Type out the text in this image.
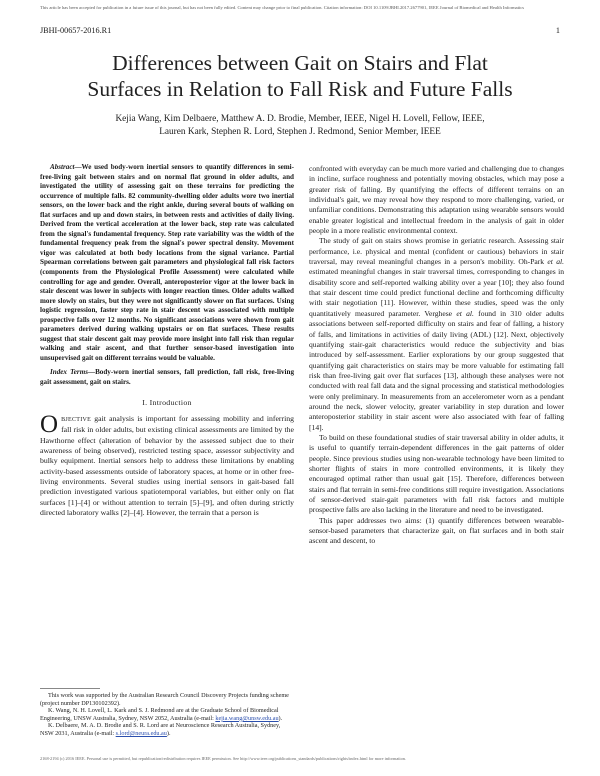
This article has been accepted for publication in a future issue of this journal, but has not been fully edited. Content may change prior to final publication. Citation information: DOI 10.1109/JBHI.2017.2677901, IEEE Journal of Biomedical and Health Informatics
JBHI-00657-2016.R1	1
Differences between Gait on Stairs and Flat
Surfaces in Relation to Fall Risk and Future Falls
Kejia Wang, Kim Delbaere, Matthew A. D. Brodie, Member, IEEE, Nigel H. Lovell, Fellow, IEEE,
Lauren Kark, Stephen R. Lord, Stephen J. Redmond, Senior Member, IEEE

Abstract—We used body-worn inertial sensors to quantify differences in semi-free-living gait between stairs and on normal flat ground in older adults, and investigated the utility of assessing gait on these terrains for predicting the occurrence of multiple falls. 82 community-dwelling older adults wore two inertial sensors, on the lower back and the right ankle, during several bouts of walking on flat surfaces and up and down stairs, in between rests and activities of daily living. Derived from the vertical acceleration at the lower back, step rate was calculated from the signal's fundamental frequency. Step rate variability was the width of the fundamental frequency peak from the signal's power spectral density. Movement vigor was calculated at both body locations from the signal variance. Partial Spearman correlations between gait parameters and physiological fall risk factors (components from the Physiological Profile Assessment) were calculated while controlling for age and gender. Overall, anteroposterior vigor at the lower back in stair descent was lower in subjects with longer reaction times. Older adults walked more slowly on stairs, but they were not significantly slower on flat surfaces. Using logistic regression, faster step rate in stair descent was associated with multiple prospective falls over 12 months. No significant associations were shown from gait parameters derived during walking upstairs or on flat surfaces. These results suggest that stair descent gait may provide more insight into fall risk than regular walking and stair ascent, and that further sensor-based investigation into unsupervised gait on different terrains would be valuable.

Index Terms—Body-worn inertial sensors, fall prediction, fall risk, free-living gait assessment, gait on stairs.

I. Introduction

OBJECTIVE gait analysis is important for assessing mobility and inferring fall risk in older adults, but existing clinical assessments are limited by the Hawthorne effect (alteration of behavior by the assessed subject due to their awareness of being observed), restricted testing space, assessor subjectivity and bulky equipment. Inertial sensors help to address these limitations by enabling activity-based assessments outside of laboratory spaces, at home or in other free-living environments. Several studies using inertial sensors in gait-based fall prediction investigated various spatiotemporal variables, but either only on flat surfaces [1]–[4] or without attention to terrain [5]–[9], and often during strictly directed laboratory walks [2]–[4]. However, the terrain that a person is

confronted with everyday can be much more varied and challenging due to changes in incline, surface roughness and potentially moving obstacles, which may pose a greater risk of falling. By quantifying the effects of different terrains on an individual's gait, we may reveal how they respond to more challenging, varied, or unfamiliar conditions. Demonstrating this adaptation using wearable sensors would enable greater logistical and intellectual freedom in the analysis of gait in older people in a more realistic environmental context.

The study of gait on stairs shows promise in geriatric research. Assessing stair performance, i.e. physical and mental (confident or cautious) behaviors in stair traversal, may reveal meaningful changes in a person's mobility. Oh-Park et al. estimated meaningful changes in stair traversal times, corresponding to changes in disability score and self-reported walking ability over a year [10]; they also found that stair descent time could predict functional decline and forthcoming difficulty with stair negotiation [11]. However, within these studies, speed was the only quantitatively measured parameter. Verghese et al. found in 310 older adults associations between self-reported difficulty on stairs and fear of falling, a history of falls, and limitations in activities of daily living (ADL) [12]. Next, objectively quantifying stair-gait characteristics would reduce the subjectivity and bias introduced by self-assessment. Earlier explorations by our group suggested that quantifying gait characteristics on stairs may be more valuable for estimating fall risk than free-living gait over flat surfaces [13], although these analyses were not conducted with real fall data and the signal processing and statistical methodologies were only preliminary. In measurements from an accelerometer worn as a pendant around the neck, slower velocity, greater variability in step duration and lower anteroposterior stability in stair ascent were also associated with fear of falling [14].

To build on these foundational studies of stair traversal ability in older adults, it is useful to quantify terrain-dependent differences in the gait patterns of older people. Since previous studies using non-wearable technology have been limited to shorter flights of stairs in more controlled environments, it is likely they encouraged optimal rather than usual gait [15]. Therefore, differences between stairs and flat terrain in semi-free conditions still require investigation. Associations of sensor-derived stair-gait parameters with fall risk factors and multiple prospective falls are also lacking in the literature and need to be investigated.

This paper addresses two aims: (1) quantify differences between wearable-sensor-based parameters that characterize gait, on flat surfaces and in both stair ascent and descent, to

This work was supported by the Australian Research Council Discovery Projects funding scheme (project number DP130102392).

K. Wang, N. H. Lovell, L. Kark and S. J. Redmond are at the Graduate School of Biomedical Engineering, UNSW Australia, Sydney, NSW 2052, Australia (e-mail: kejia.wang@unsw.edu.au).

K. Delbaere, M. A. D. Brodie and S. R. Lord are at Neuroscience Research Australia, Sydney, NSW 2031, Australia (e-mail: s.lord@neura.edu.au).

2168-2194 (c) 2016 IEEE. Personal use is permitted, but republication/redistribution requires IEEE permission. See http://www.ieee.org/publications_standards/publications/rights/index.html for more information.
